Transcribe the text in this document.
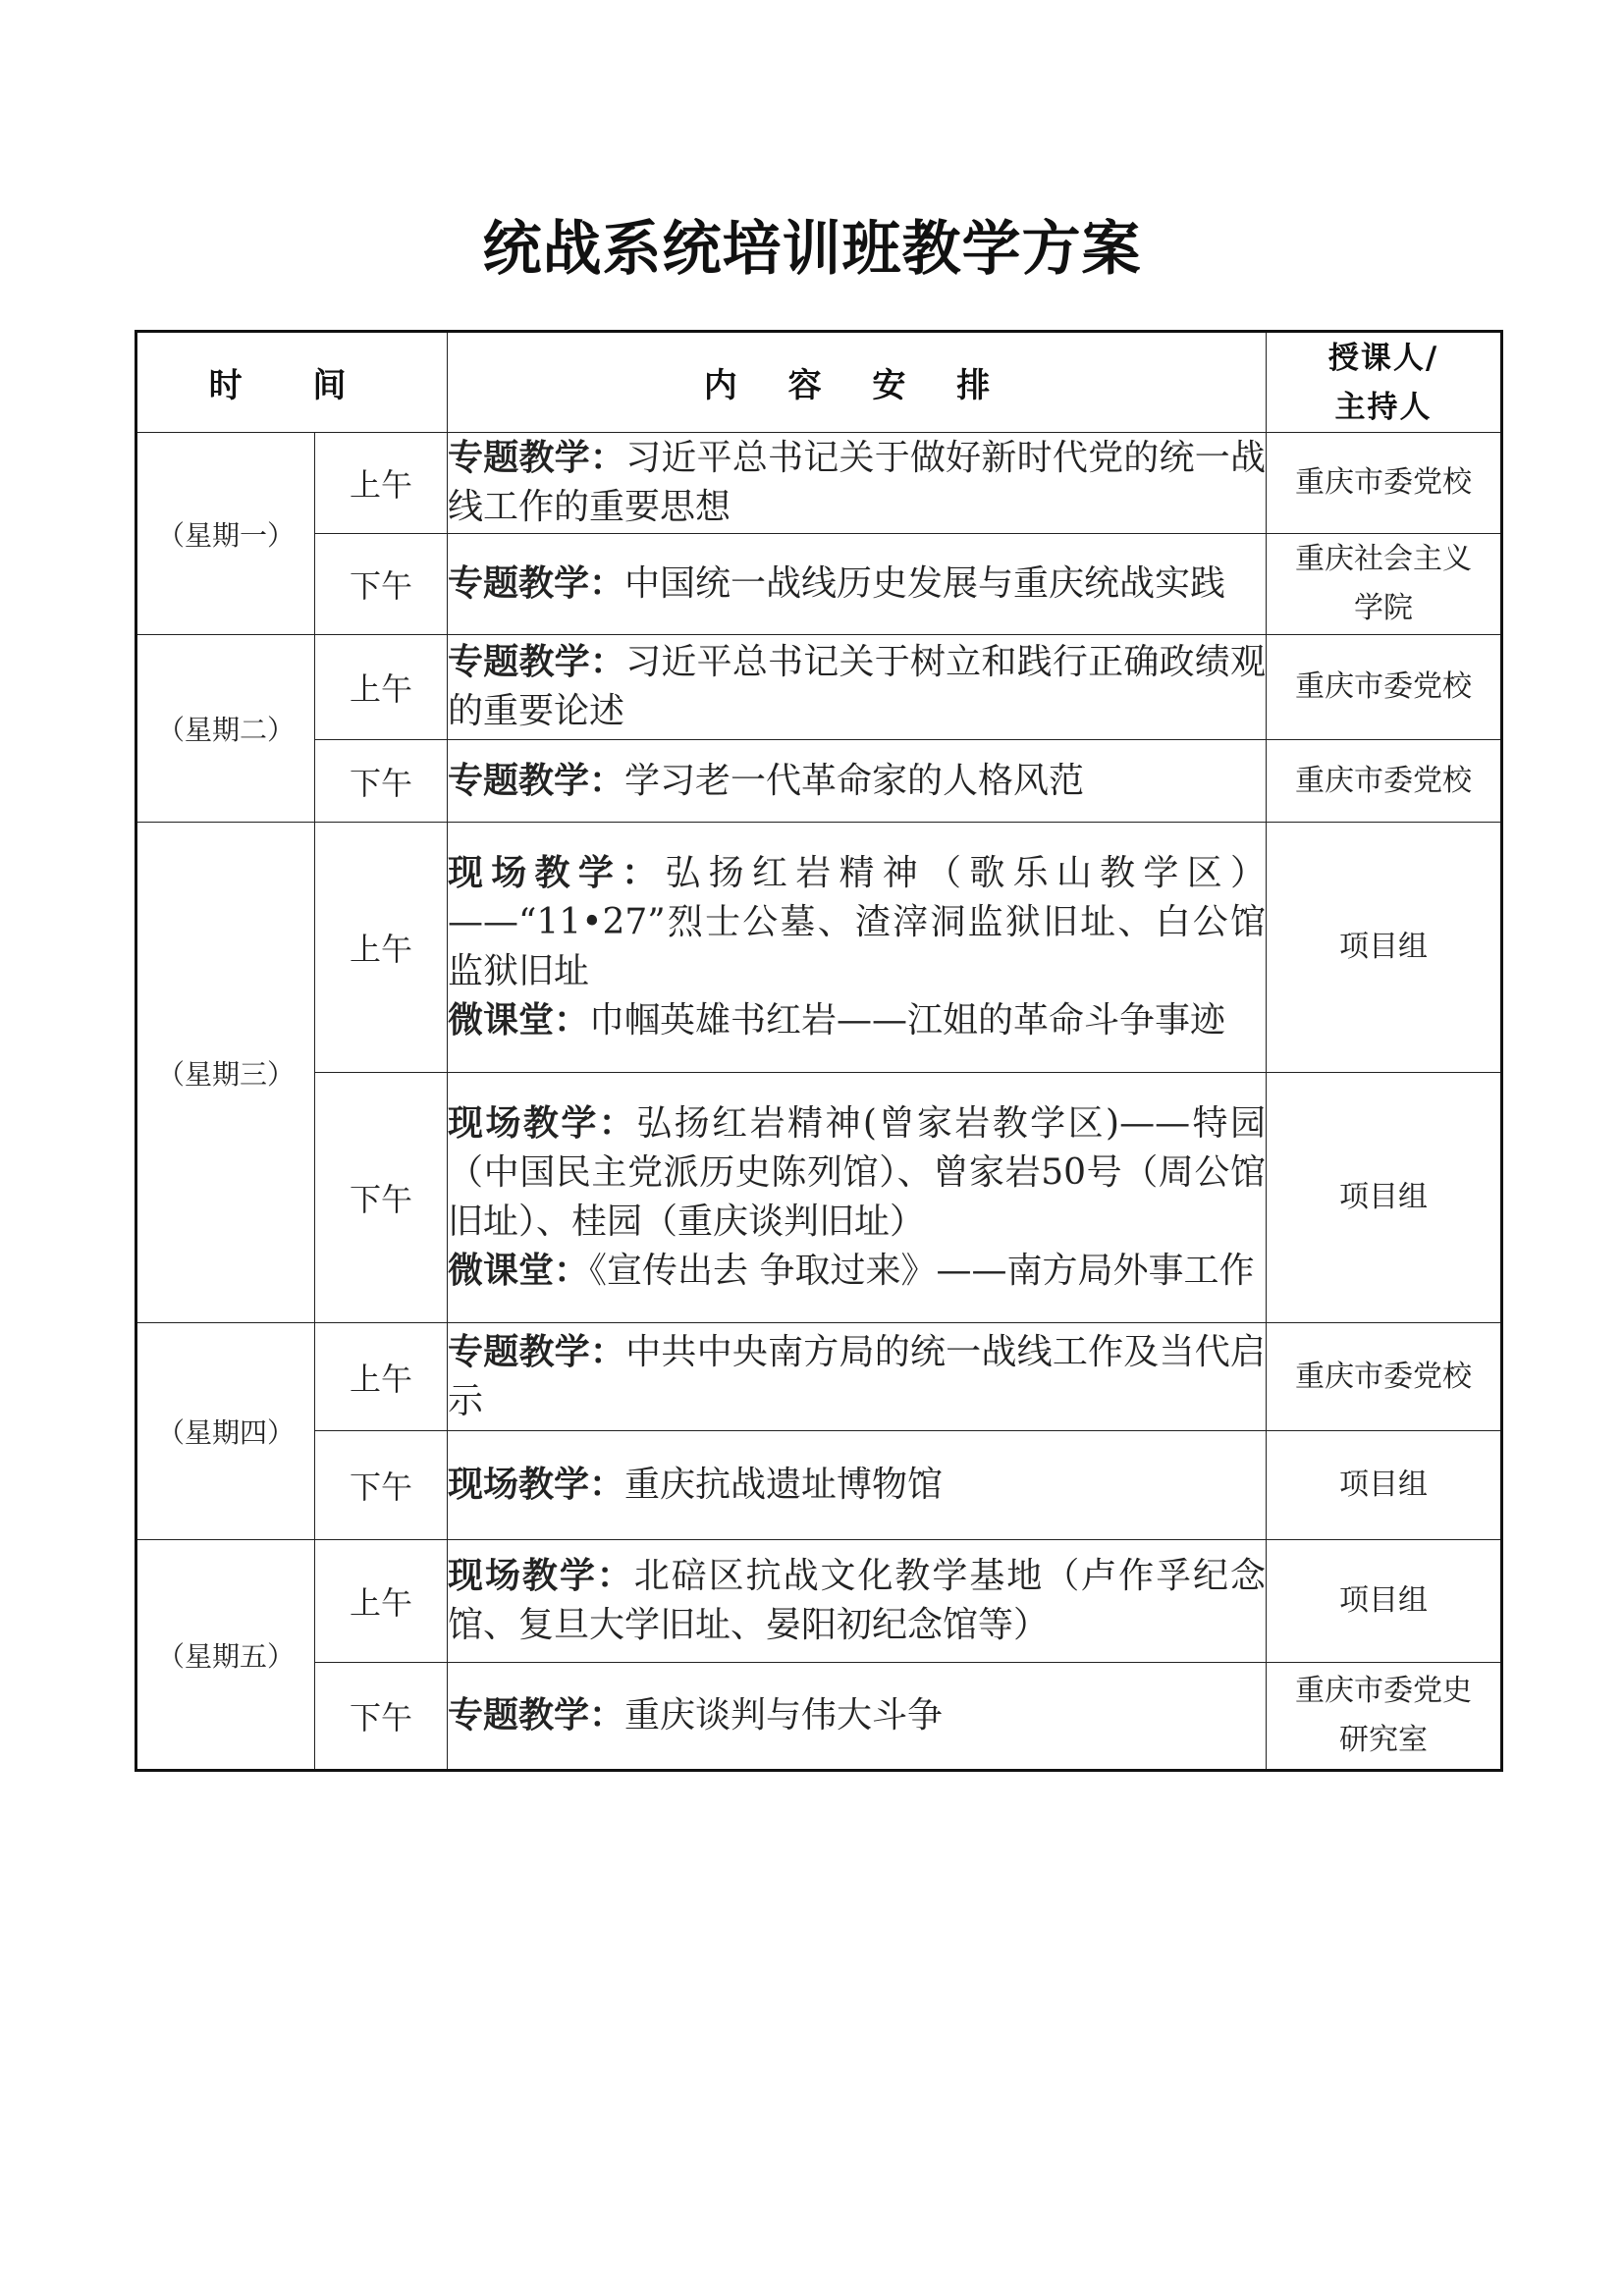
统战系统培训班教学方案
时 间		内 容 安 排	授课人/
主持人

（星期一）	上午	专题教学：习近平总书记关于做好新时代党的统一战线工作的重要思想	重庆市委党校
	下午	专题教学：中国统一战线历史发展与重庆统战实践	重庆社会主义学院
（星期二）	上午	专题教学：习近平总书记关于树立和践行正确政绩观的重要论述	重庆市委党校
	下午	专题教学：学习老一代革命家的人格风范	重庆市委党校
（星期三）	上午	现场教学：弘扬红岩精神（歌乐山教学区）——“11•27”烈士公墓、渣滓洞监狱旧址、白公馆监狱旧址
微课堂：巾帼英雄书红岩——江姐的革命斗争事迹	项目组
	下午	现场教学：弘扬红岩精神(曾家岩教学区)——特园（中国民主党派历史陈列馆）、曾家岩50号（周公馆旧址）、桂园（重庆谈判旧址）
微课堂：《宣传出去 争取过来》——南方局外事工作	项目组
（星期四）	上午	专题教学：中共中央南方局的统一战线工作及当代启示	重庆市委党校
	下午	现场教学：重庆抗战遗址博物馆	项目组
（星期五）	上午	现场教学：北碚区抗战文化教学基地（卢作孚纪念馆、复旦大学旧址、晏阳初纪念馆等）	项目组
	下午	专题教学：重庆谈判与伟大斗争	重庆市委党史研究室
